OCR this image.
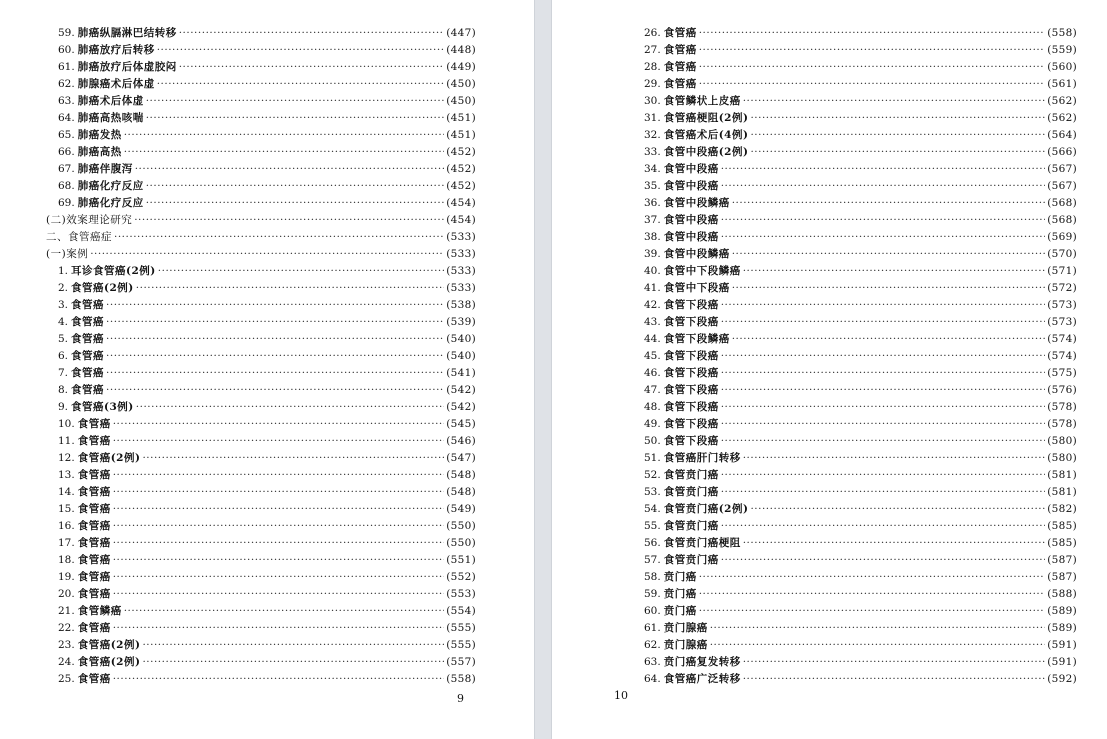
59. 肺癌纵膈淋巴结转移 ·····	(447)
60. 肺癌放疗后转移 ·····	(448)
61. 肺癌放疗后体虚胶闷 ·····	(449)
62. 肺腺癌术后体虚 ·····	(450)
63. 肺癌术后体虚 ·····	(450)
64. 肺癌高热咳喘 ·····	(451)
65. 肺癌发热 ·····	(451)
66. 肺癌高热 ·····	(452)
67. 肺癌伴腹泻 ·····	(452)
68. 肺癌化疗反应 ·····	(452)
69. 肺癌化疗反应 ·····	(454)
(二)效案理论研究 ·····	(454)
二、食管癌症 ·····	(533)
(一)案例 ·····	(533)
1. 耳诊食管癌(2例) ·····	(533)
2. 食管癌(2例) ·····	(533)
3. 食管癌 ·····	(538)
4. 食管癌 ·····	(539)
5. 食管癌 ·····	(540)
6. 食管癌 ·····	(540)
7. 食管癌 ·····	(541)
8. 食管癌 ·····	(542)
9. 食管癌(3例) ·····	(542)
10. 食管癌 ·····	(545)
11. 食管癌 ·····	(546)
12. 食管癌(2例) ·····	(547)
13. 食管癌 ·····	(548)
14. 食管癌 ·····	(548)
15. 食管癌 ·····	(549)
16. 食管癌 ·····	(550)
17. 食管癌 ·····	(550)
18. 食管癌 ·····	(551)
19. 食管癌 ·····	(552)
20. 食管癌 ·····	(553)
21. 食管鳞癌 ·····	(554)
22. 食管癌 ·····	(555)
23. 食管癌(2例) ·····	(555)
24. 食管癌(2例) ·····	(557)
25. 食管癌 ·····	(558)
9
26. 食管癌 ·····	(558)
27. 食管癌 ·····	(559)
28. 食管癌 ·····	(560)
29. 食管癌 ·····	(561)
30. 食管鳞状上皮癌 ·····	(562)
31. 食管癌梗阻(2例) ·····	(562)
32. 食管癌术后(4例) ·····	(564)
33. 食管中段癌(2例) ·····	(566)
34. 食管中段癌 ·····	(567)
35. 食管中段癌 ·····	(567)
36. 食管中段鳞癌 ·····	(568)
37. 食管中段癌 ·····	(568)
38. 食管中段癌 ·····	(569)
39. 食管中段鳞癌 ·····	(570)
40. 食管中下段鳞癌 ·····	(571)
41. 食管中下段癌 ·····	(572)
42. 食管下段癌 ·····	(573)
43. 食管下段癌 ·····	(573)
44. 食管下段鳞癌 ·····	(574)
45. 食管下段癌 ·····	(574)
46. 食管下段癌 ·····	(575)
47. 食管下段癌 ·····	(576)
48. 食管下段癌 ·····	(578)
49. 食管下段癌 ·····	(578)
50. 食管下段癌 ·····	(580)
51. 食管癌肝门转移 ·····	(580)
52. 食管贲门癌 ·····	(581)
53. 食管贲门癌 ·····	(581)
54. 食管贲门癌(2例) ·····	(582)
55. 食管贲门癌 ·····	(585)
56. 食管贲门癌梗阻 ·····	(585)
57. 食管贲门癌 ·····	(587)
58. 贲门癌 ·····	(587)
59. 贲门癌 ·····	(588)
60. 贲门癌 ·····	(589)
61. 贲门腺癌 ·····	(589)
62. 贲门腺癌 ·····	(591)
63. 贲门癌复发转移 ·····	(591)
64. 食管癌广泛转移 ·····	(592)
10
